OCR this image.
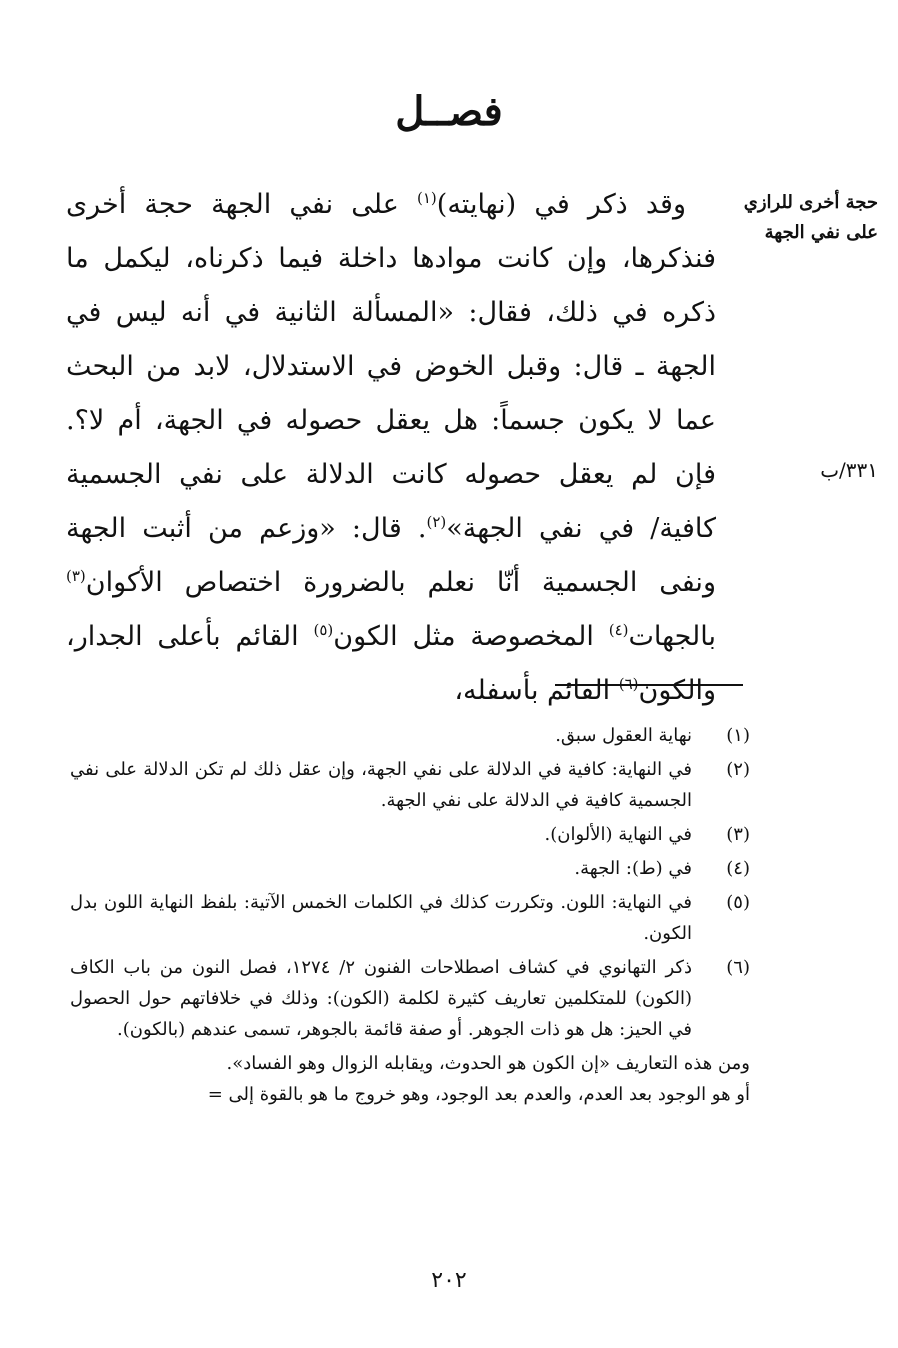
فصــل
حجة أخرى للرازي على نفي الجهة
٣٣١/ب
وقد ذكر في (نهايته)$^{(١)}$ على نفي الجهة حجة أخرى فنذكرها، وإن كانت موادها داخلة فيما ذكرناه، ليكمل ما ذكره في ذلك، فقال: «المسألة الثانية في أنه ليس في الجهة ـ قال: وقبل الخوض في الاستدلال، لابد من البحث عما لا يكون جسماً: هل يعقل حصوله في الجهة، أم لا؟. فإن لم يعقل حصوله كانت الدلالة على نفي الجسمية كافية/ في نفي الجهة»$^{(٢)}$. قال: «وزعم من أثبت الجهة ونفى الجسمية أنّا نعلم بالضرورة اختصاص الأكوان$^{(٣)}$ بالجهات$^{(٤)}$ المخصوصة مثل الكون$^{(٥)}$ القائم بأعلى الجدار، والكون$^{(٦)}$ القائم بأسفله،
(١)
نهاية العقول سبق.
(٢)
في النهاية: كافية في الدلالة على نفي الجهة، وإن عقل ذلك لم تكن الدلالة على نفي الجسمية كافية في الدلالة على نفي الجهة.
(٣)
في النهاية (الألوان).
(٤)
في (ط): الجهة.
(٥)
في النهاية: اللون. وتكررت كذلك في الكلمات الخمس الآتية: بلفظ النهاية اللون بدل الكون.
(٦)
ذكر التهانوي في كشاف اصطلاحات الفنون ٢/ ١٢٧٤، فصل النون من باب الكاف (الكون) للمتكلمين تعاريف كثيرة لكلمة (الكون): وذلك في خلافاتهم حول الحصول في الحيز: هل هو ذات الجوهر. أو صفة قائمة بالجوهر، تسمى عندهم (بالكون).
ومن هذه التعاريف «إن الكون هو الحدوث، ويقابله الزوال وهو الفساد».
أو هو الوجود بعد العدم، والعدم بعد الوجود، وهو خروج ما هو بالقوة إلى =
٢٠٢
